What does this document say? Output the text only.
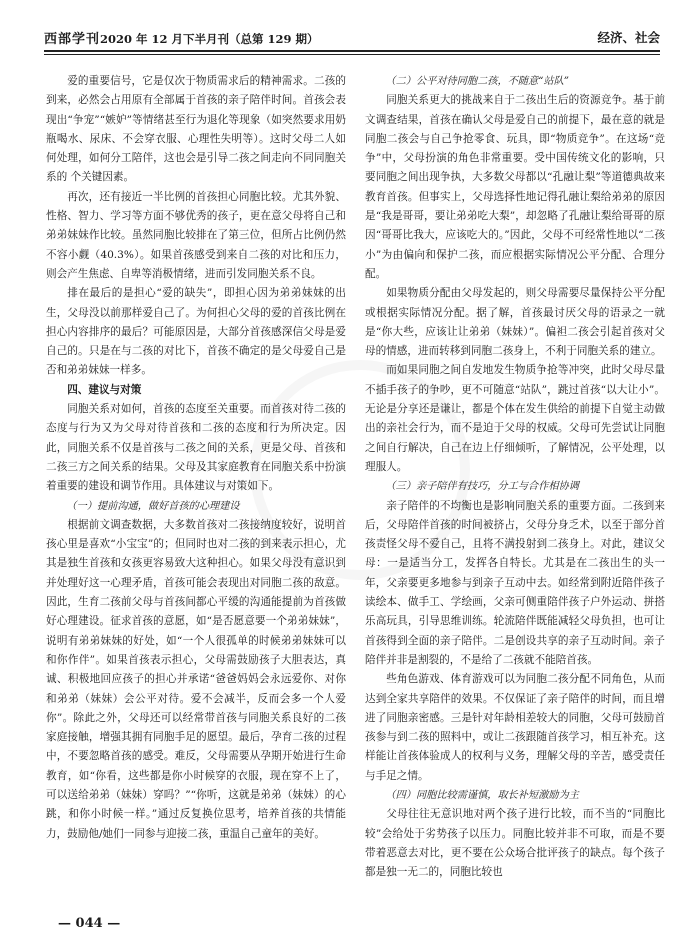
西部学刊2020 年 12 月下半月刊（总第 129 期）	经济、社会

爱的重要信号，它是仅次于物质需求后的精神需求。二孩的到来，必然会占用原有全部属于首孩的亲子陪伴时间。首孩会表现出“争宠”“嫉妒”等情绪甚至行为退化等现象（如突然要求用奶瓶喝水、尿床、不会穿衣服、心理性失明等）。这时父母二人如何处理，如何分工陪伴，这也会是引导二孩之间走向不同同胞关系的 个关键因素。

再次，还有接近一半比例的首孩担心同胞比较。尤其外貌、性格、智力、学习等方面不够优秀的孩子，更在意父母将自己和弟弟妹妹作比较。虽然同胞比较排在了第三位，但所占比例仍然不容小觑（40.3%）。如果首孩感受到来自二孩的对比和压力，则会产生焦虑、自卑等消极情绪，进而引发同胞关系不良。

排在最后的是担心“爱的缺失”，即担心因为弟弟妹妹的出生，父母没以前那样爱自己了。为何担心父母的爱的首孩比例在担心内容排序的最后？可能原因是，大部分首孩感深信父母是爱自己的。只是在与二孩的对比下，首孩不确定的是父母爱自己是否和弟弟妹妹一样多。

四、建议与对策

同胞关系对如何，首孩的态度至关重要。而首孩对待二孩的态度与行为又为父母对待首孩和二孩的态度和行为所决定。因此，同胞关系不仅是首孩与二孩之间的关系，更是父母、首孩和二孩三方之间关系的结果。父母及其家庭教育在同胞关系中扮演着重要的建设和调节作用。具体建议与对策如下。

（一）提前沟通，做好首孩的心理建设

根据前文调查数据，大多数首孩对二孩接纳度较好，说明首孩心里是喜欢“小宝宝”的；但同时也对二孩的到来表示担心，尤其是独生首孩和女孩更容易致大这种担心。如果父母没有意识到并处理好这一心理矛盾，首孩可能会表现出对同胞二孩的敌意。因此，生育二孩前父母与首孩间都心平缓的沟通能提前为首孩做好心理建设。征求首孩的意愿，如“是否愿意要一个弟弟妹妹”，说明有弟弟妹妹的好处，如“一个人很孤单的时候弟弟妹妹可以和你作伴”。如果首孩表示担心，父母需鼓励孩子大胆表达，真诚、积极地回应孩子的担心并承诺“爸爸妈妈会永远爱你、对你和弟弟（妹妹）会公平对待。爱不会减半，反而会多一个人爱你”。除此之外，父母还可以经常带首孩与同胞关系良好的二孩家庭接触，增强其拥有同胞手足的愿望。最后，孕育二孩的过程中，不要忽略首孩的感受。难反，父母需要从孕期开始进行生命教育，如“你看，这些都是你小时候穿的衣服，现在穿不上了，可以送给弟弟（妹妹）穿吗？”“你听，这就是弟弟（妹妹）的心跳，和你小时候一样。”通过反复换位思考，培养首孩的共情能力，鼓励他/她们一同参与迎接二孩，重温自己童年的美好。

（二）公平对待同胞二孩，不随意“站队”

同胞关系更大的挑战来自于二孩出生后的资源竞争。基于前文调查结果，首孩在确认父母是爱自己的前提下，最在意的就是同胞二孩会与自己争抢零食、玩具，即“物质竞争”。在这场“竞争”中，父母扮演的角色非常重要。受中国传统文化的影响，只要同胞之间出现争执，大多数父母都以“孔融让梨”等道德典故来教育首孩。但事实上，父母选择性地记得孔融让梨给弟弟的原因是“我是哥哥，要让弟弟吃大梨”，却忽略了孔融让梨给哥哥的原因“哥哥比我大，应该吃大的。”因此，父母不可经常性地以“二孩小”为由偏向和保护二孩，而应根据实际情况公平分配、合理分配。

如果物质分配由父母发起的，则父母需要尽量保持公平分配或根据实际情况分配。据了解，首孩最讨厌父母的语录之一就是“你大些，应该让让弟弟（妹妹）”。偏袒二孩会引起首孩对父母的情感，进而转移到同胞二孩身上，不利于同胞关系的建立。

而如果同胞之间自发地发生物质争抢等冲突，此时父母尽量不插手孩子的争吵，更不可随意“站队”，跳过首孩“以大让小”。无论是分享还是谦让，都是个体在发生供给的前提下自觉主动做出的亲社会行为，而不是迫于父母的权威。父母可先尝试让同胞之间自行解决，自己在边上仔细倾听，了解情况，公平处理，以理服人。

（三）亲子陪伴有技巧，分工与合作相协调

亲子陪伴的不均衡也是影响同胞关系的重要方面。二孩到来后，父母陪伴首孩的时间被挤占，父母分身乏术，以至于部分首孩责怪父母不爱自己，且将不满投射到二孩身上。对此，建议父母：一是适当分工，发挥各自特长。尤其是在二孩出生的头一年，父亲要更多地参与到亲子互动中去。如经常到附近陪伴孩子读绘本、做手工、学绘画，父亲可侧重陪伴孩子户外运动、拼搭乐高玩具，引导思维训练。轮流陪伴既能减轻父母负担，也可让首孩得到全面的亲子陪伴。二是创设共享的亲子互动时间。亲子陪伴并非是割裂的，不是给了二孩就不能陪首孩。

些角色游戏、体育游戏可以为同胞二孩分配不同角色，从而达到全家共享陪伴的效果。不仅保证了亲子陪伴的时间，而且增进了同胞亲密感。三是针对年龄相差较大的同胞，父母可鼓励首孩参与到二孩的照料中，或让二孩跟随首孩学习，相互补充。这样能让首孩体验成人的权利与义务，理解父母的辛苦，感受责任与手足之情。

（四）同胞比较需谨慎，取长补短激励为主

父母往往无意识地对两个孩子进行比较，而不当的“同胞比较”会给处于劣势孩子以压力。同胞比较并非不可取，而是不要带着恶意去对比，更不要在公众场合批评孩子的缺点。每个孩子都是独一无二的，同胞比较也

— 044 —
